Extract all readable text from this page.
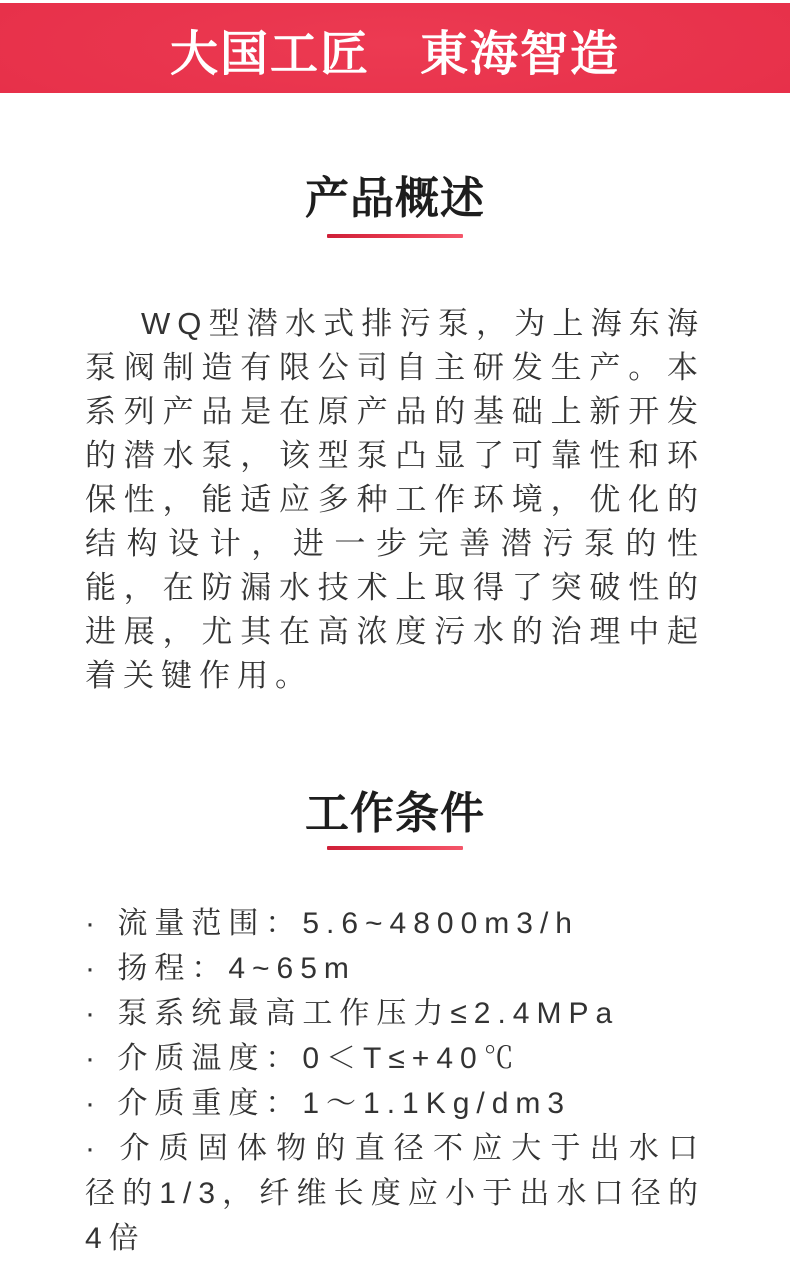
大国工匠　東海智造
产品概述

WQ型潜水式排污泵，为上海东海泵阀制造有限公司自主研发生产。本系列产品是在原产品的基础上新开发的潜水泵，该型泵凸显了可靠性和环保性，能适应多种工作环境，优化的结构设计，进一步完善潜污泵的性能，在防漏水技术上取得了突破性的进展，尤其在高浓度污水的治理中起着关键作用。

工作条件
· 流量范围：5.6~4800m3/h
· 扬程：4~65m
· 泵系统最高工作压力≤2.4MPa
· 介质温度：0＜T≤+40℃
· 介质重度：1～1.1Kg/dm3
· 介质固体物的直径不应大于出水口径的1/3，纤维长度应小于出水口径的4倍
